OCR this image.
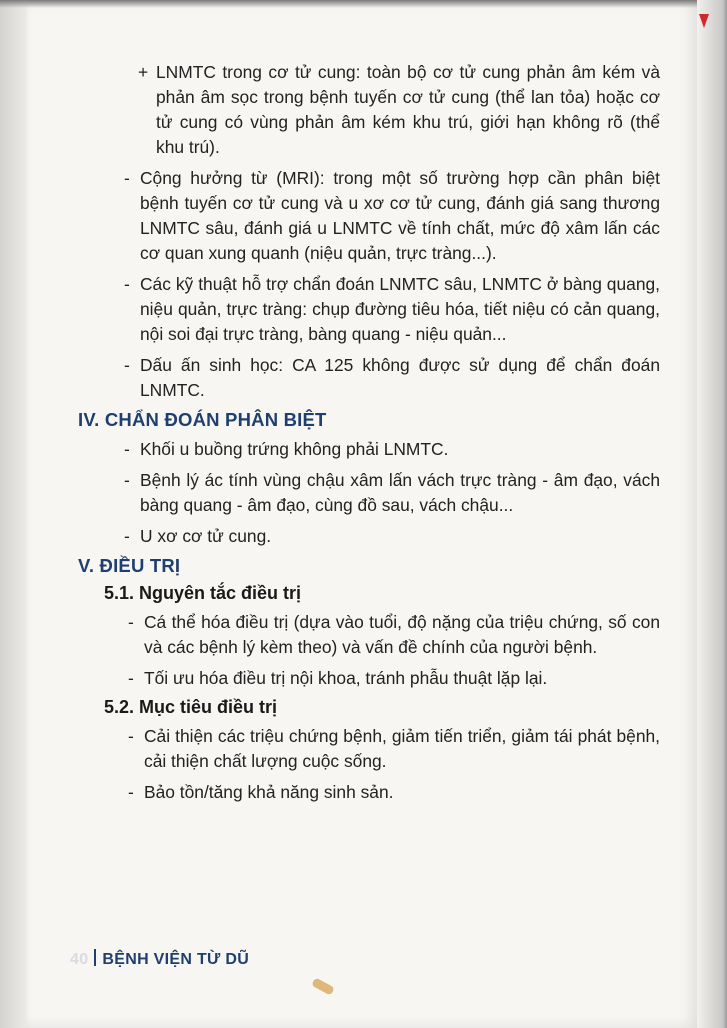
+ LNMTC trong cơ tử cung: toàn bộ cơ tử cung phản âm kém và phản âm sọc trong bệnh tuyến cơ tử cung (thể lan tỏa) hoặc cơ tử cung có vùng phản âm kém khu trú, giới hạn không rõ (thể khu trú).
- Cộng hưởng từ (MRI): trong một số trường hợp cần phân biệt bệnh tuyến cơ tử cung và u xơ cơ tử cung, đánh giá sang thương LNMTC sâu, đánh giá u LNMTC về tính chất, mức độ xâm lấn các cơ quan xung quanh (niệu quản, trực tràng...).
- Các kỹ thuật hỗ trợ chẩn đoán LNMTC sâu, LNMTC ở bàng quang, niệu quản, trực tràng: chụp đường tiêu hóa, tiết niệu có cản quang, nội soi đại trực tràng, bàng quang - niệu quản...
- Dấu ấn sinh học: CA 125 không được sử dụng để chẩn đoán LNMTC.
IV. CHẨN ĐOÁN PHÂN BIỆT
- Khối u buồng trứng không phải LNMTC.
- Bệnh lý ác tính vùng chậu xâm lấn vách trực tràng - âm đạo, vách bàng quang - âm đạo, cùng đồ sau, vách chậu...
- U xơ cơ tử cung.
V. ĐIỀU TRỊ
5.1. Nguyên tắc điều trị
- Cá thể hóa điều trị (dựa vào tuổi, độ nặng của triệu chứng, số con và các bệnh lý kèm theo) và vấn đề chính của người bệnh.
- Tối ưu hóa điều trị nội khoa, tránh phẫu thuật lặp lại.
5.2. Mục tiêu điều trị
- Cải thiện các triệu chứng bệnh, giảm tiến triển, giảm tái phát bệnh, cải thiện chất lượng cuộc sống.
- Bảo tồn/tăng khả năng sinh sản.
40 BỆNH VIỆN TỪ DŨ
